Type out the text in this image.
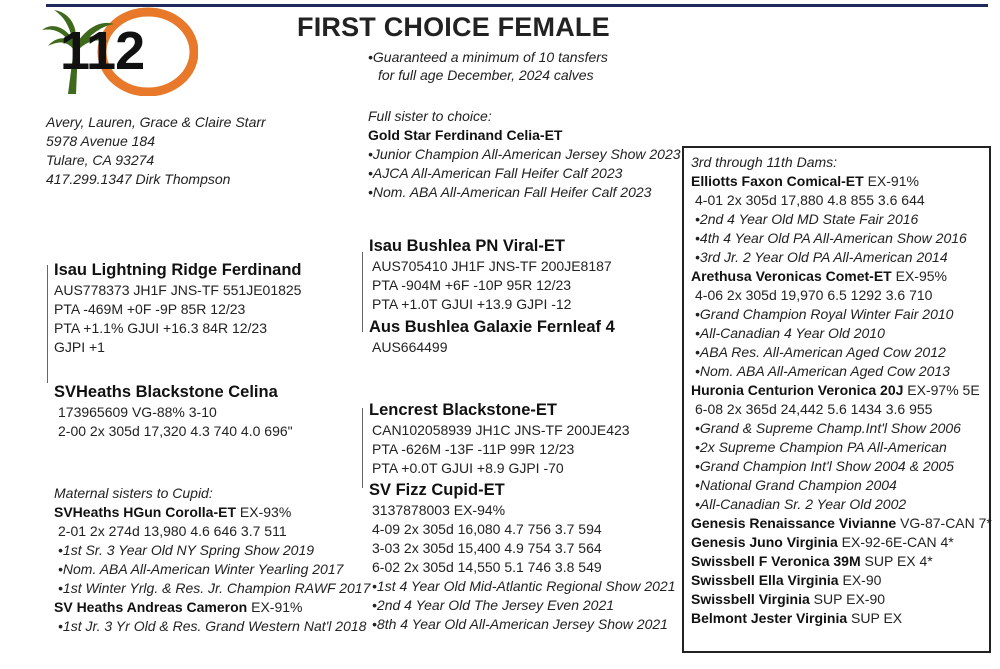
112	FIRST CHOICE FEMALE
•Guaranteed a minimum of 10 tansfers
for full age December, 2024 calves
Avery, Lauren, Grace & Claire Starr
5978 Avenue 184
Tulare, CA 93274
417.299.1347 Dirk Thompson
Full sister to choice:
Gold Star Ferdinand Celia-ET
•Junior Champion All-American Jersey Show 2023
•AJCA All-American Fall Heifer Calf 2023
•Nom. ABA All-American Fall Heifer Calf 2023
Isau Lightning Ridge Ferdinand
AUS778373 JH1F JNS-TF 551JE01825
PTA -469M +0F -9P 85R 12/23
PTA +1.1% GJUI +16.3 84R 12/23
GJPI +1
SVHeaths Blackstone Celina
173965609 VG-88% 3-10
2-00 2x 305d 17,320 4.3 740 4.0 696"
Isau Bushlea PN Viral-ET
AUS705410 JH1F JNS-TF 200JE8187
PTA -904M +6F -10P 95R 12/23
PTA +1.0T GJUI +13.9 GJPI -12
Aus Bushlea Galaxie Fernleaf 4
AUS664499
Lencrest Blackstone-ET
CAN102058939 JH1C JNS-TF 200JE423
PTA -626M -13F -11P 99R 12/23
PTA +0.0T GJUI +8.9 GJPI -70
SV Fizz Cupid-ET
3137878003 EX-94%
4-09 2x 305d 16,080 4.7 756 3.7 594
3-03 2x 305d 15,400 4.9 754 3.7 564
6-02 2x 305d 14,550 5.1 746 3.8 549
•1st 4 Year Old Mid-Atlantic Regional Show 2021
•2nd 4 Year Old The Jersey Even 2021
•8th 4 Year Old All-American Jersey Show 2021
Maternal sisters to Cupid:
SVHeaths HGun Corolla-ET EX-93%
2-01 2x 274d 13,980 4.6 646 3.7 511
•1st Sr. 3 Year Old NY Spring Show 2019
•Nom. ABA All-American Winter Yearling 2017
•1st Winter Yrlg. & Res. Jr. Champion RAWF 2017
SV Heaths Andreas Cameron EX-91%
•1st Jr. 3 Yr Old & Res. Grand Western Nat'l 2018
3rd through 11th Dams:
Elliotts Faxon Comical-ET EX-91%
4-01 2x 305d 17,880 4.8 855 3.6 644
•2nd 4 Year Old MD State Fair 2016
•4th 4 Year Old PA All-American Show 2016
•3rd Jr. 2 Year Old PA All-American 2014
Arethusa Veronicas Comet-ET EX-95%
4-06 2x 305d 19,970 6.5 1292 3.6 710
•Grand Champion Royal Winter Fair 2010
•All-Canadian 4 Year Old 2010
•ABA Res. All-American Aged Cow 2012
•Nom. ABA All-American Aged Cow 2013
Huronia Centurion Veronica 20J EX-97% 5E
6-08 2x 365d 24,442 5.6 1434 3.6 955
•Grand & Supreme Champ.Int'l Show 2006
•2x Supreme Champion PA All-American
•Grand Champion Int'l Show 2004 & 2005
•National Grand Champion 2004
•All-Canadian Sr. 2 Year Old 2002
Genesis Renaissance Vivianne VG-87-CAN 7*
Genesis Juno Virginia EX-92-6E-CAN 4*
Swissbell F Veronica 39M SUP EX 4*
Swissbell Ella Virginia EX-90
Swissbell Virginia SUP EX-90
Belmont Jester Virginia SUP EX
